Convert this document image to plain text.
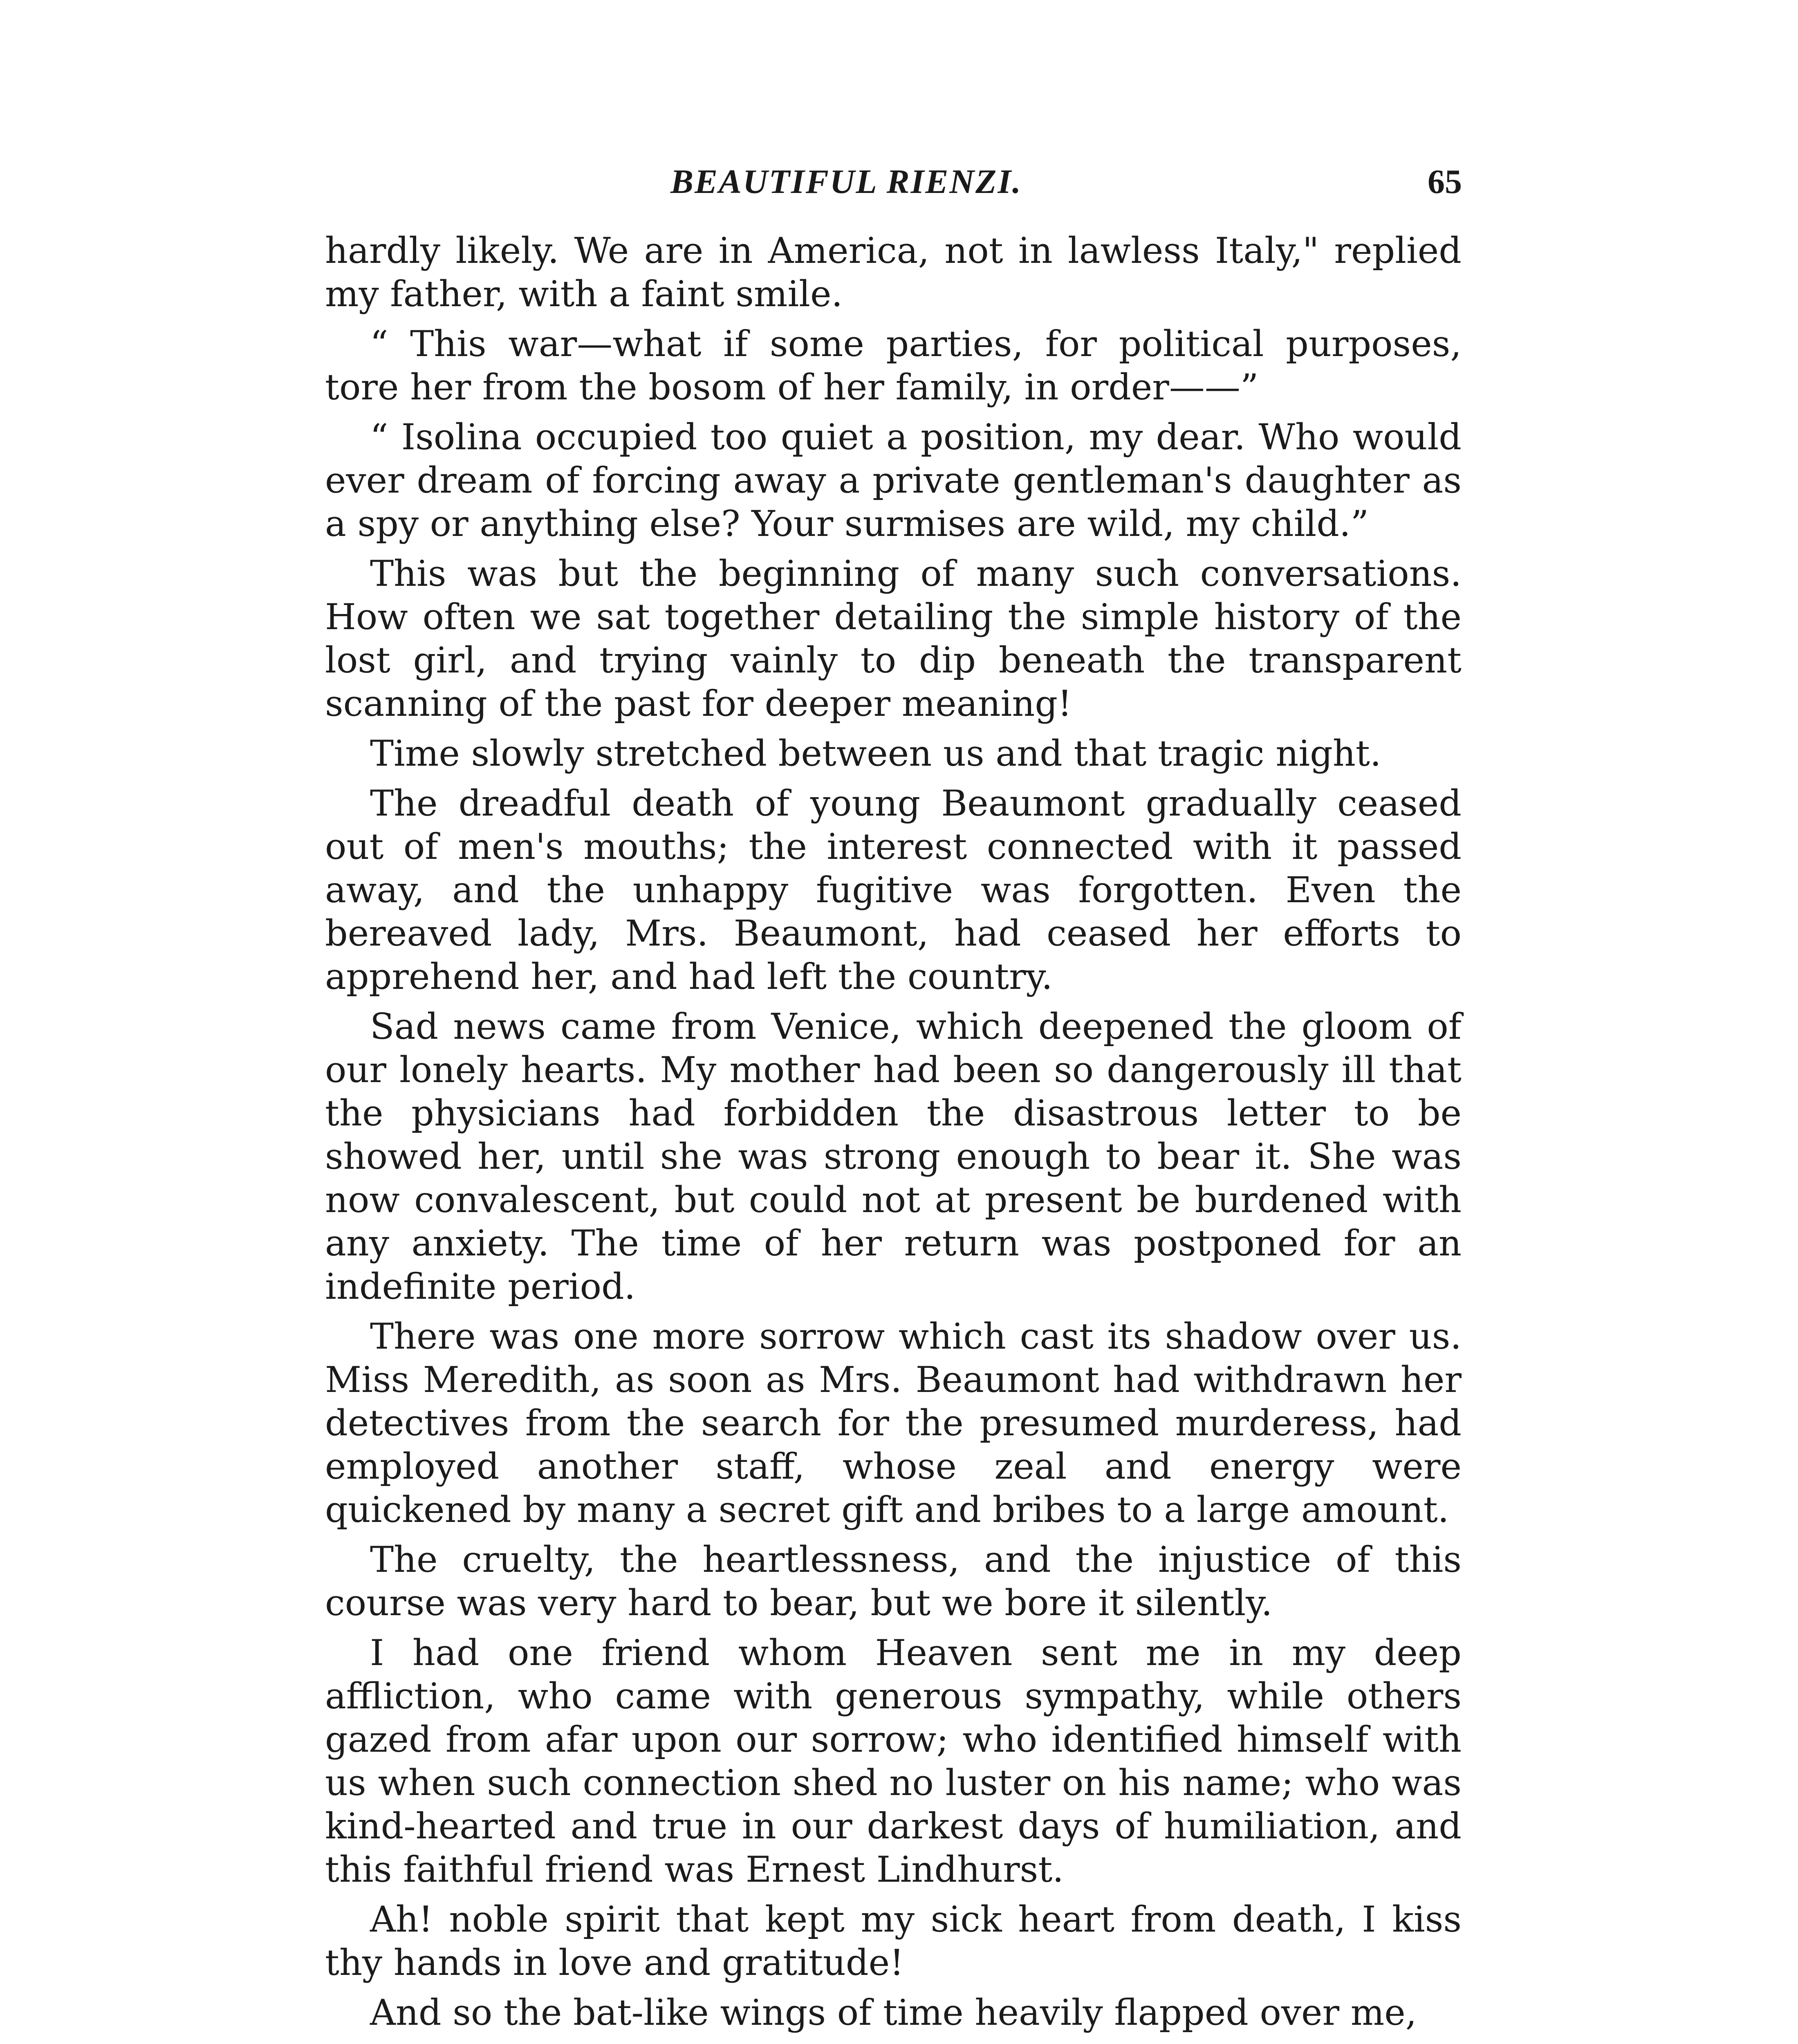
BEAUTIFUL RIENZI.	65

hardly likely. We are in America, not in lawless Italy," replied my father, with a faint smile.

“ This war—what if some parties, for political purposes, tore her from the bosom of her family, in order——”

“ Isolina occupied too quiet a position, my dear. Who would ever dream of forcing away a private gentleman's daughter as a spy or anything else? Your surmises are wild, my child.”

This was but the beginning of many such conversations. How often we sat together detailing the simple history of the lost girl, and trying vainly to dip beneath the transparent scanning of the past for deeper meaning!

Time slowly stretched between us and that tragic night.

The dreadful death of young Beaumont gradually ceased out of men's mouths; the interest connected with it passed away, and the unhappy fugitive was forgotten. Even the bereaved lady, Mrs. Beaumont, had ceased her efforts to apprehend her, and had left the country.

Sad news came from Venice, which deepened the gloom of our lonely hearts. My mother had been so dangerously ill that the physicians had forbidden the disastrous letter to be showed her, until she was strong enough to bear it. She was now convalescent, but could not at present be burdened with any anxiety. The time of her return was postponed for an indefinite period.

There was one more sorrow which cast its shadow over us. Miss Meredith, as soon as Mrs. Beaumont had withdrawn her detectives from the search for the presumed murderess, had employed another staff, whose zeal and energy were quickened by many a secret gift and bribes to a large amount.

The cruelty, the heartlessness, and the injustice of this course was very hard to bear, but we bore it silently.

I had one friend whom Heaven sent me in my deep affliction, who came with generous sympathy, while others gazed from afar upon our sorrow; who identified himself with us when such connection shed no luster on his name; who was kind-hearted and true in our darkest days of humiliation, and this faithful friend was Ernest Lindhurst.

Ah! noble spirit that kept my sick heart from death, I kiss thy hands in love and gratitude!

And so the bat-like wings of time heavily flapped over me,
